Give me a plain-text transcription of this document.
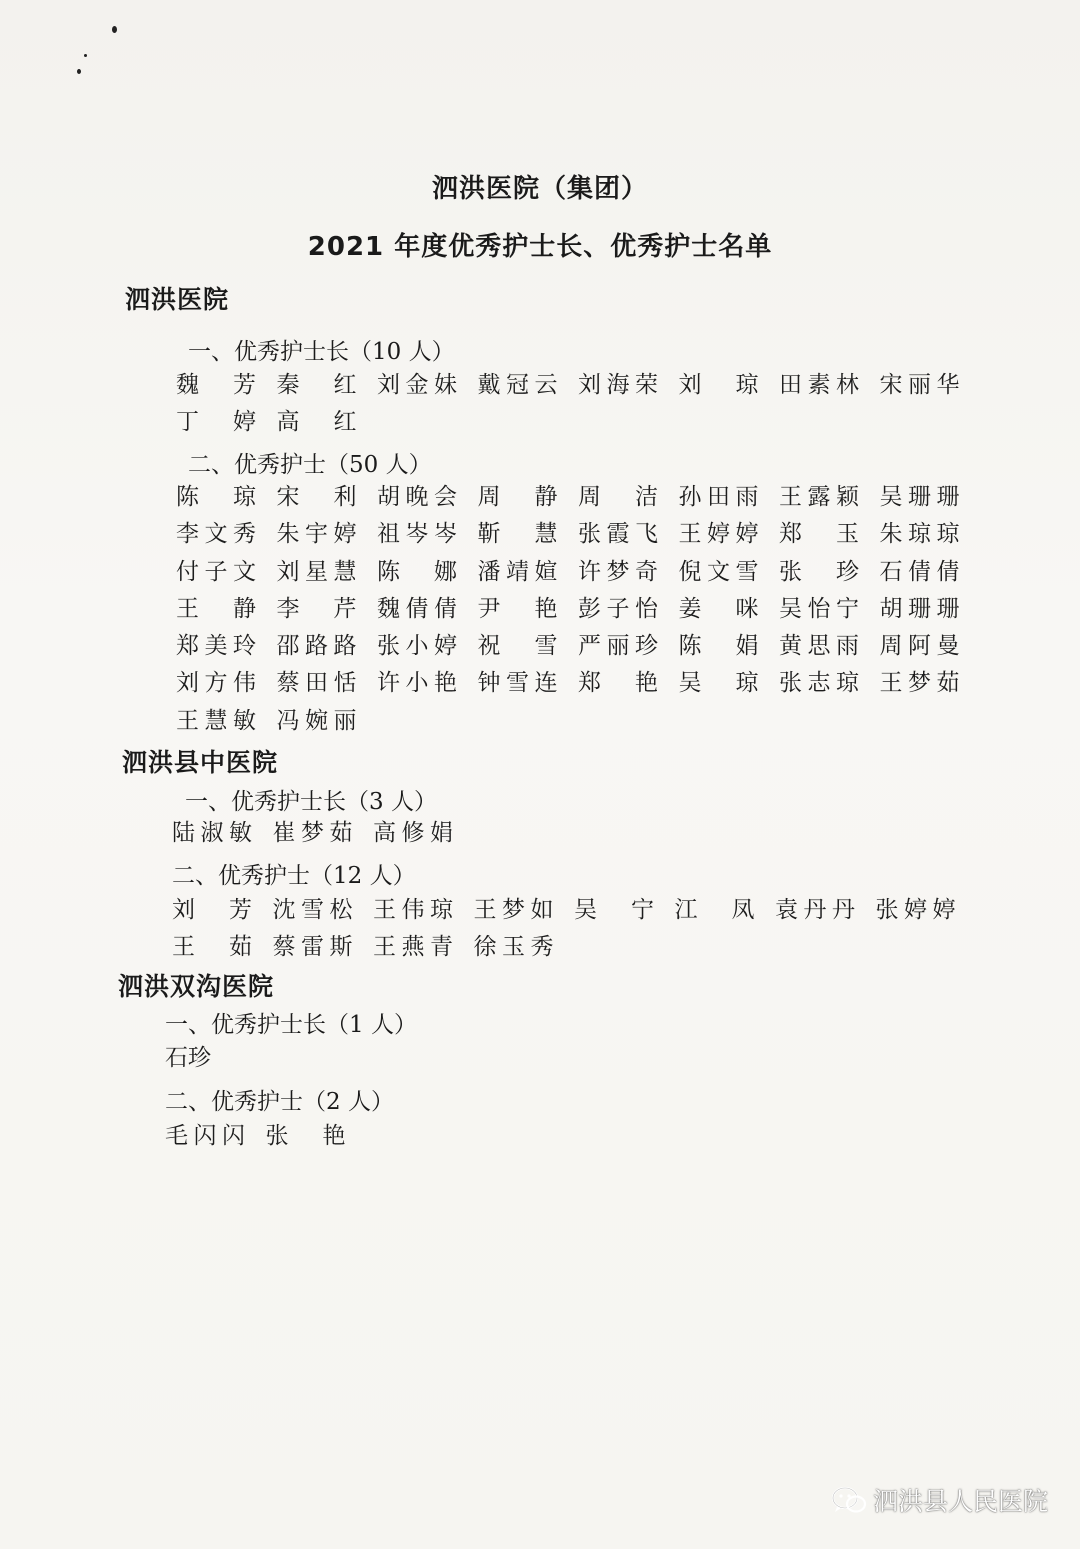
泗洪医院（集团）
2021 年度优秀护士长、优秀护士名单
泗洪医院
一、优秀护士长（10 人）
魏芳 秦红 刘金妹 戴冠云 刘海荣 刘琼 田素林 宋丽华
丁婷 高红
二、优秀护士（50 人）
陈琼 宋利 胡晚会 周静 周洁 孙田雨 王露颖 吴珊珊
李文秀 朱宇婷 祖岑岑 靳慧 张霞飞 王婷婷 郑玉 朱琼琼
付子文 刘星慧 陈娜 潘靖媗 许梦奇 倪文雪 张珍 石倩倩
王静 李芹 魏倩倩 尹艳 彭子怡 姜咪 吴怡宁 胡珊珊
郑美玲 邵路路 张小婷 祝雪 严丽珍 陈娟 黄思雨 周阿曼
刘方伟 蔡田恬 许小艳 钟雪连 郑艳 吴琼 张志琼 王梦茹
王慧敏 冯婉丽
泗洪县中医院
一、优秀护士长（3 人）
陆淑敏 崔梦茹 高修娟
二、优秀护士（12 人）
刘芳 沈雪松 王伟琼 王梦如 吴宁 江凤 袁丹丹 张婷婷
王茹 蔡雷斯 王燕青 徐玉秀
泗洪双沟医院
一、优秀护士长（1 人）
石珍
二、优秀护士（2 人）
毛闪闪 张艳
泗洪县人民医院
